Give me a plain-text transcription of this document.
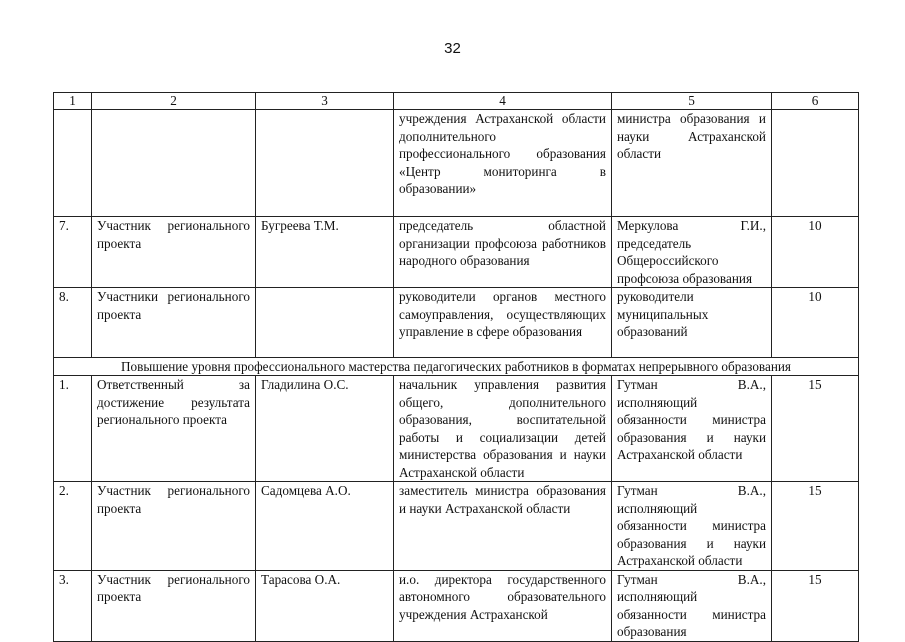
32
1	2	3	4	5	6
			учреждения Астраханской области дополнительного профессионального образования «Центр мониторинга в образовании»	министра образования и науки Астраханской области	
7.	Участник регионального проекта	Бугреева Т.М.	председатель областной организации профсоюза работников народного образования	Меркулова Г.И., председатель Общероссийского профсоюза образования	10
8.	Участники регионального проекта		руководители органов местного самоуправления, осуществляющих управление в сфере образования	руководители муниципальных образований	10
Повышение уровня профессионального мастерства педагогических работников в форматах непрерывного образования					
1.	Ответственный за достижение результата регионального проекта	Гладилина О.С.	начальник управления развития общего, дополнительного образования, воспитательной работы и социализации детей министерства образования и науки Астраханской области	Гутман В.А., исполняющий обязанности министра образования и науки Астраханской области	15
2.	Участник регионального проекта	Садомцева А.О.	заместитель министра образования и науки Астраханской области	Гутман В.А., исполняющий обязанности министра образования и науки Астраханской области	15
3.	Участник регионального проекта	Тарасова О.А.	и.о. директора государственного автономного образовательного учреждения Астраханской	Гутман В.А., исполняющий обязанности министра образования	15
